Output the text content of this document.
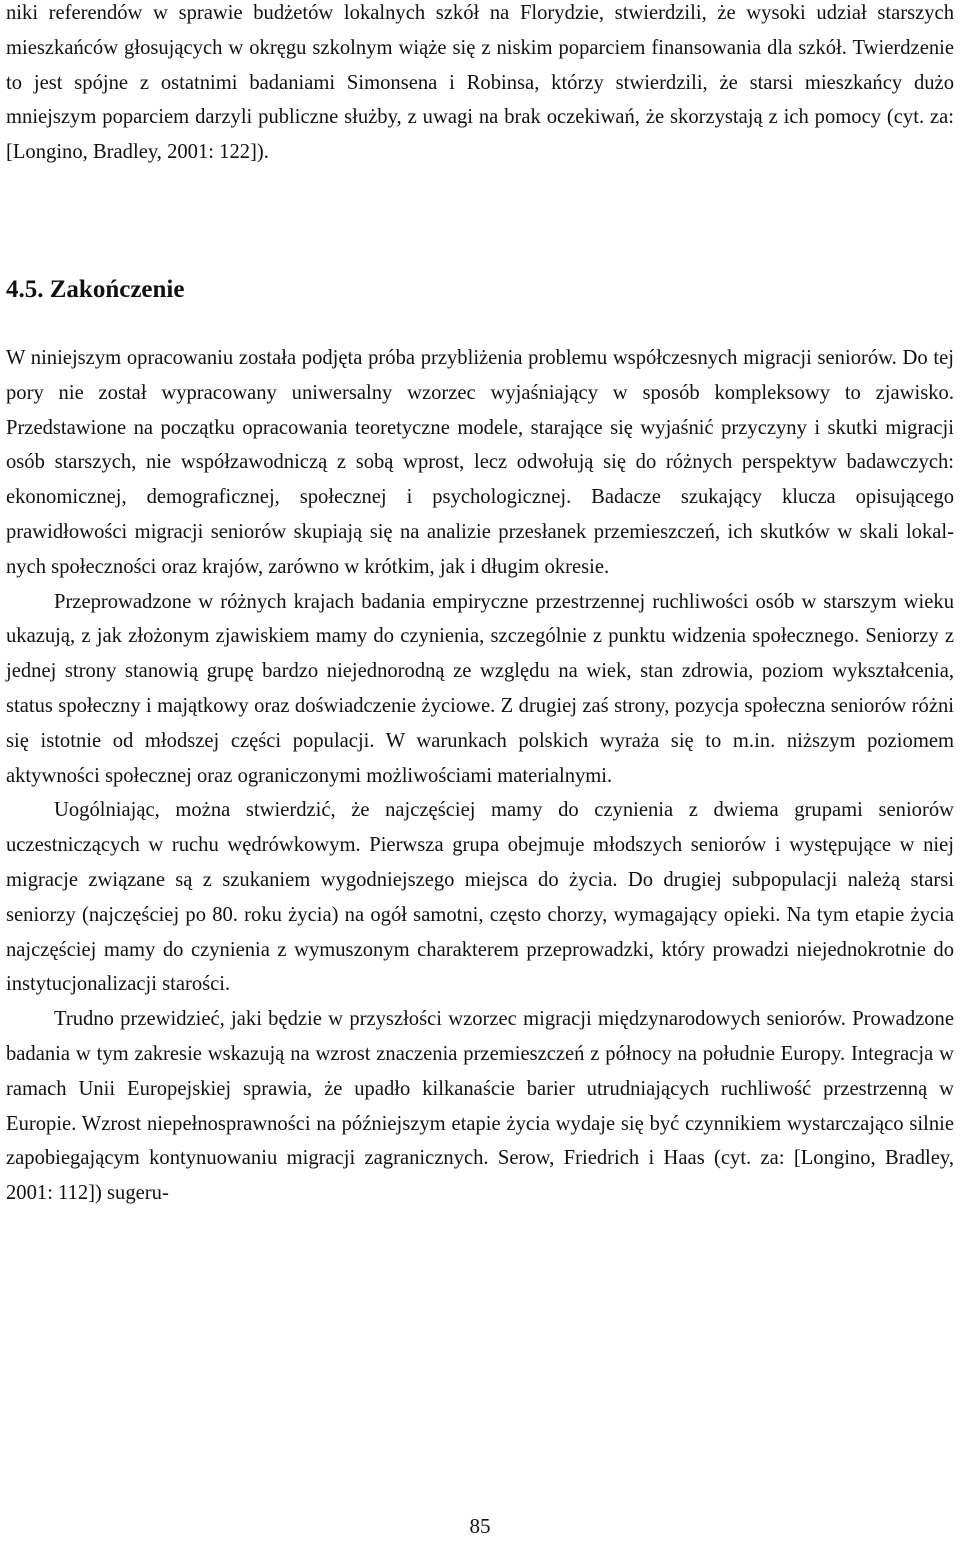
niki referendów w sprawie budżetów lokalnych szkół na Florydzie, stwierdzili, że wysoki udział starszych mieszkańców głosujących w okręgu szkolnym wiąże się z niskim poparciem finansowania dla szkół. Twierdzenie to jest spójne z ostatnimi badaniami Simonsena i Robinsa, którzy stwierdzili, że starsi mieszkańcy dużo mniejszym poparciem darzyli publiczne służby, z uwagi na brak oczekiwań, że skorzystają z ich pomocy (cyt. za: [Longino, Bradley, 2001: 122]).

4.5. Zakończenie

W niniejszym opracowaniu została podjęta próba przybliżenia problemu współczesnych migracji seniorów. Do tej pory nie został wypracowany uniwersalny wzorzec wyjaśniający w sposób kompleksowy to zjawisko. Przedstawione na początku opracowania teoretyczne modele, starające się wyjaśnić przyczyny i skutki migracji osób starszych, nie współzawodniczą z sobą wprost, lecz odwołują się do różnych perspektyw badawczych: ekonomicznej, demograficznej, społecznej i psychologicznej. Badacze szukający klucza opisującego prawidłowości migracji seniorów skupiają się na analizie przesłanek przemieszczeń, ich skutków w skali lokalnych społeczności oraz krajów, zarówno w krótkim, jak i długim okresie.

Przeprowadzone w różnych krajach badania empiryczne przestrzennej ruchliwości osób w starszym wieku ukazują, z jak złożonym zjawiskiem mamy do czynienia, szczególnie z punktu widzenia społecznego. Seniorzy z jednej strony stanowią grupę bardzo niejednorodną ze względu na wiek, stan zdrowia, poziom wykształcenia, status społeczny i majątkowy oraz doświadczenie życiowe. Z drugiej zaś strony, pozycja społeczna seniorów różni się istotnie od młodszej części populacji. W warunkach polskich wyraża się to m.in. niższym poziomem aktywności społecznej oraz ograniczonymi możliwościami materialnymi.

Uogólniając, można stwierdzić, że najczęściej mamy do czynienia z dwiema grupami seniorów uczestniczących w ruchu wędrówkowym. Pierwsza grupa obejmuje młodszych seniorów i występujące w niej migracje związane są z szukaniem wygodniejszego miejsca do życia. Do drugiej subpopulacji należą starsi seniorzy (najczęściej po 80. roku życia) na ogół samotni, często chorzy, wymagający opieki. Na tym etapie życia najczęściej mamy do czynienia z wymuszonym charakterem przeprowadzki, który prowadzi niejednokrotnie do instytucjonalizacji starości.

Trudno przewidzieć, jaki będzie w przyszłości wzorzec migracji międzynarodowych seniorów. Prowadzone badania w tym zakresie wskazują na wzrost znaczenia przemieszczeń z północy na południe Europy. Integracja w ramach Unii Europejskiej sprawia, że upadło kilkanaście barier utrudniających ruchliwość przestrzenną w Europie. Wzrost niepełnosprawności na późniejszym etapie życia wydaje się być czynnikiem wystarczająco silnie zapobiegającym kontynuowaniu migracji zagranicznych. Serow, Friedrich i Haas (cyt. za: [Longino, Bradley, 2001: 112]) sugeru-

85
